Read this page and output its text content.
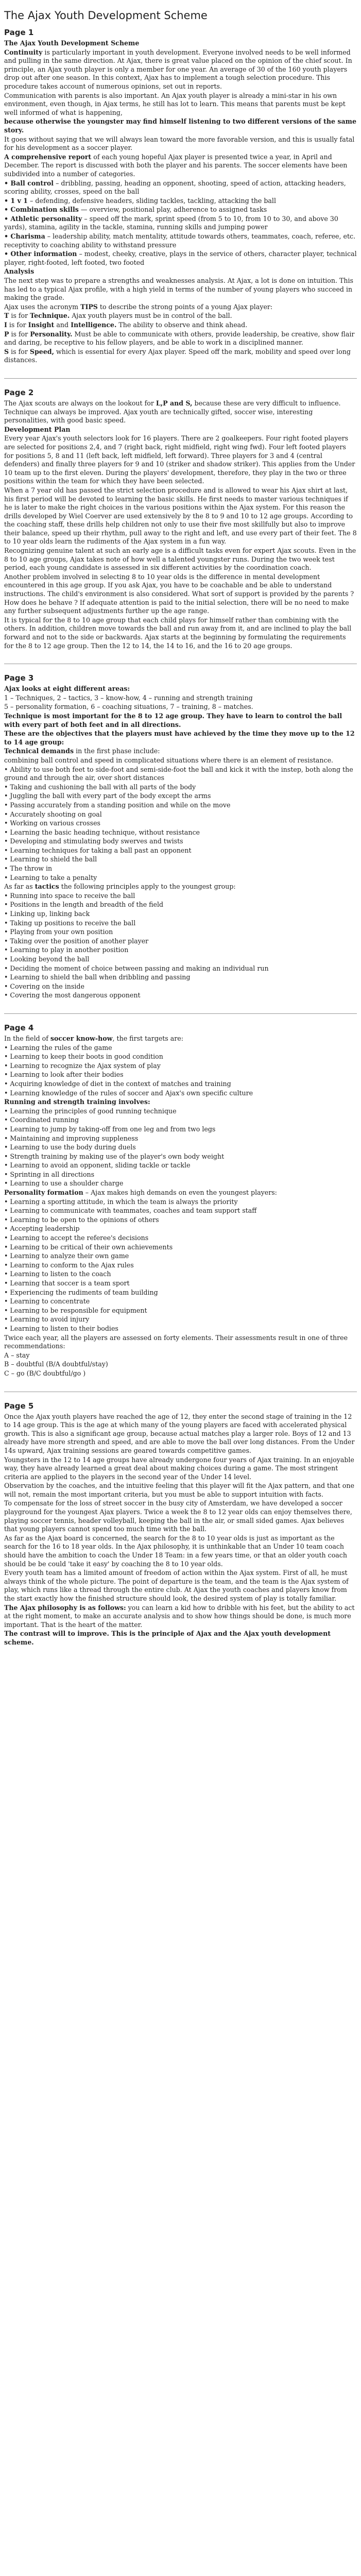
The Ajax Youth Development Scheme
Page 1

The Ajax Youth Development Scheme

Continuity is particularly important in youth development. Everyone involved needs to be well informed and pulling in the same direction. At Ajax, there is great value placed on the opinion of the chief scout. In principle, an Ajax youth player is only a member for one year. An average of 30 of the 160 youth players drop out after one season. In this context, Ajax has to implement a tough selection procedure. This procedure takes account of numerous opinions, set out in reports.

Communication with parents is also important. An Ajax youth player is already a mini-star in his own environment, even though, in Ajax terms, he still has lot to learn. This means that parents must be kept well informed of what is happening,

because otherwise the youngster may find himself listening to two different versions of the same story.

It goes without saying that we will always lean toward the more favorable version, and this is usually fatal for his development as a soccer player.

A comprehensive report of each young hopeful Ajax player is presented twice a year, in April and December. The report is discussed with both the player and his parents. The soccer elements have been subdivided into a number of categories.

• Ball control – dribbling, passing, heading an opponent, shooting, speed of action, attacking headers, scoring ability, crosses, speed on the ball

• 1 v 1 – defending, defensive headers, sliding tackles, tackling, attacking the ball

• Combination skills — overview, positional play, adherence to assigned tasks

• Athletic personality – speed off the mark, sprint speed (from 5 to 10, from 10 to 30, and above 30 yards), stamina, agility in the tackle, stamina, running skills and jumping power

• Charisma – leadership ability, match mentality, attitude towards others, teammates, coach, referee, etc. receptivity to coaching ability to withstand pressure

• Other information – modest, cheeky, creative, plays in the service of others, character player, technical player, right-footed, left footed, two footed

Analysis

The next step was to prepare a strengths and weaknesses analysis. At Ajax, a lot is done on intuition. This has led to a typical Ajax profile, with a high yield in terms of the number of young players who succeed in making the grade.

Ajax uses the acronym TIPS to describe the strong points of a young Ajax player:

T is for Technique. Ajax youth players must be in control of the ball.

I is for Insight and Intelligence. The ability to observe and think ahead.

P is for Personality. Must be able to communicate with others, provide leadership, be creative, show flair and daring, be receptive to his fellow players, and be able to work in a disciplined manner.

S is for Speed, which is essential for every Ajax player. Speed off the mark, mobility and speed over long distances.

Page 2

The Ajax scouts are always on the lookout for L,P and S, because these are very difficult to influence. Technique can always be improved. Ajax youth are technically gifted, soccer wise, interesting personalities, with good basic speed.

Development Plan

Every year Ajax's youth selectors look for 16 players. There are 2 goalkeepers. Four right footed players are selected for positions 2,4, and 7 (right back, right midfield, right wing fwd). Four left footed players for positions 5, 8 and 11 (left back, left midfield, left forward). Three players for 3 and 4 (central defenders) and finally three players for 9 and 10 (striker and shadow striker). This applies from the Under 10 team up to the first eleven. During the players' development, therefore, they play in the two or three positions within the team for which they have been selected.

When a 7 year old has passed the strict selection procedure and is allowed to wear his Ajax shirt at last, his first period will be devoted to learning the basic skills. He first needs to master various techniques if he is later to make the right choices in the various positions within the Ajax system. For this reason the drills developed by Wiel Coerver are used extensively by the 8 to 9 and 10 to 12 age groups. According to the coaching staff, these drills help children not only to use their five most skillfully but also to improve their balance, speed up their rhythm, pull away to the right and left, and use every part of their feet. The 8 to 10 year olds learn the rudiments of the Ajax system in a fun way.

Recognizing genuine talent at such an early age is a difficult tasks even for expert Ajax scouts. Even in the 8 to 10 age groups, Ajax takes note of how well a talented youngster runs. During the two week test period, each young candidate is assessed in six different activities by the coordination coach.

Another problem involved in selecting 8 to 10 year olds is the difference in mental development encountered in this age group. If you ask Ajax, you have to be coachable and be able to understand instructions. The child's environment is also considered. What sort of support is provided by the parents ? How does he behave ? If adequate attention is paid to the initial selection, there will be no need to make any further subsequent adjustments further up the age range.

It is typical for the 8 to 10 age group that each child plays for himself rather than combining with the others. In addition, children move towards the ball and run away from it, and are inclined to play the ball forward and not to the side or backwards. Ajax starts at the beginning by formulating the requirements for the 8 to 12 age group. Then the 12 to 14, the 14 to 16, and the 16 to 20 age groups.

Page 3

Ajax looks at eight different areas:

1 – Techniques, 2 – tactics, 3 – know-how, 4 – running and strength training

5 – personality formation, 6 – coaching situations, 7 – training, 8 – matches.

Technique is most important for the 8 to 12 age group. They have to learn to control the ball with every part of both feet and in all directions.

These are the objectives that the players must have achieved by the time they move up to the 12 to 14 age group:

Technical demands in the first phase include:

combining ball control and speed in complicated situations where there is an element of resistance.

• Ability to use both feet to side-foot and semi-side-foot the ball and kick it with the instep, both along the ground and through the air, over short distances

• Taking and cushioning the ball with all parts of the body

• Juggling the ball with every part of the body except the arms

• Passing accurately from a standing position and while on the move

• Accurately shooting on goal

• Working on various crosses

• Learning the basic heading technique, without resistance

• Developing and stimulating body swerves and twists

• Learning techniques for taking a ball past an opponent

• Learning to shield the ball

• The throw in

• Learning to take a penalty

As far as tactics the following principles apply to the youngest group:

• Running into space to receive the ball

• Positions in the length and breadth of the field

• Linking up, linking back

• Taking up positions to receive the ball

• Playing from your own position

• Taking over the position of another player

• Learning to play in another position

• Looking beyond the ball

• Deciding the moment of choice between passing and making an individual run

• Learning to shield the ball when dribbling and passing

• Covering on the inside

• Covering the most dangerous opponent

Page 4

In the field of soccer know-how, the first targets are:

• Learning the rules of the game

• Learning to keep their boots in good condition

• Learning to recognize the Ajax system of play

• Learning to look after their bodies

• Acquiring knowledge of diet in the context of matches and training

• Learning knowledge of the rules of soccer and Ajax's own specific culture

Running and strength training involves:

• Learning the principles of good running technique

• Coordinated running

• Learning to jump by taking-off from one leg and from two legs

• Maintaining and improving suppleness

• Learning to use the body during duels

• Strength training by making use of the player's own body weight

• Learning to avoid an opponent, sliding tackle or tackle

• Sprinting in all directions

• Learning to use a shoulder charge

Personality formation – Ajax makes high demands on even the youngest players:

• Learning a sporting attitude, in which the team is always the priority

• Learning to communicate with teammates, coaches and team support staff

• Learning to be open to the opinions of others

• Accepting leadership

• Learning to accept the referee's decisions

• Learning to be critical of their own achievements

• Learning to analyze their own game

• Learning to conform to the Ajax rules

• Learning to listen to the coach

• Learning that soccer is a team sport

• Experiencing the rudiments of team building

• Learning to concentrate

• Learning to be responsible for equipment

• Learning to avoid injury

• Learning to listen to their bodies

Twice each year, all the players are assessed on forty elements. Their assessments result in one of three recommendations:

A – stay

B – doubtful (B/A doubtful/stay)

C – go (B/C doubtful/go )

Page 5

Once the Ajax youth players have reached the age of 12, they enter the second stage of training in the 12 to 14 age group. This is the age at which many of the young players are faced with accelerated physical growth. This is also a significant age group, because actual matches play a larger role. Boys of 12 and 13 already have more strength and speed, and are able to move the ball over long distances. From the Under 14s upward, Ajax training sessions are geared towards competitive games.

Youngsters in the 12 to 14 age groups have already undergone four years of Ajax training. In an enjoyable way, they have already learned a great deal about making choices during a game. The most stringent criteria are applied to the players in the second year of the Under 14 level.

Observation by the coaches, and the intuitive feeling that this player will fit the Ajax pattern, and that one will not, remain the most important criteria, but you must be able to support intuition with facts.

To compensate for the loss of street soccer in the busy city of Amsterdam, we have developed a soccer playground for the youngest Ajax players. Twice a week the 8 to 12 year olds can enjoy themselves there, playing soccer tennis, header volleyball, keeping the ball in the air, or small sided games. Ajax believes that young players cannot spend too much time with the ball.

As far as the Ajax board is concerned, the search for the 8 to 10 year olds is just as important as the search for the 16 to 18 year olds. In the Ajax philosophy, it is unthinkable that an Under 10 team coach should have the ambition to coach the Under 18 Team: in a few years time, or that an older youth coach should be be could 'take it easy' by coaching the 8 to 10 year olds.

Every youth team has a limited amount of freedom of action within the Ajax system. First of all, he must always think of the whole picture. The point of departure is the team, and the team is the Ajax system of play, which runs like a thread through the entire club. At Ajax the youth coaches and players know from the start exactly how the finished structure should look, the desired system of play is totally familiar.

The Ajax philosophy is as follows: you can learn a kid how to dribble with his feet, but the ability to act at the right moment, to make an accurate analysis and to show how things should be done, is much more important. That is the heart of the matter.

The contrast will to improve. This is the principle of Ajax and the Ajax youth development scheme.
